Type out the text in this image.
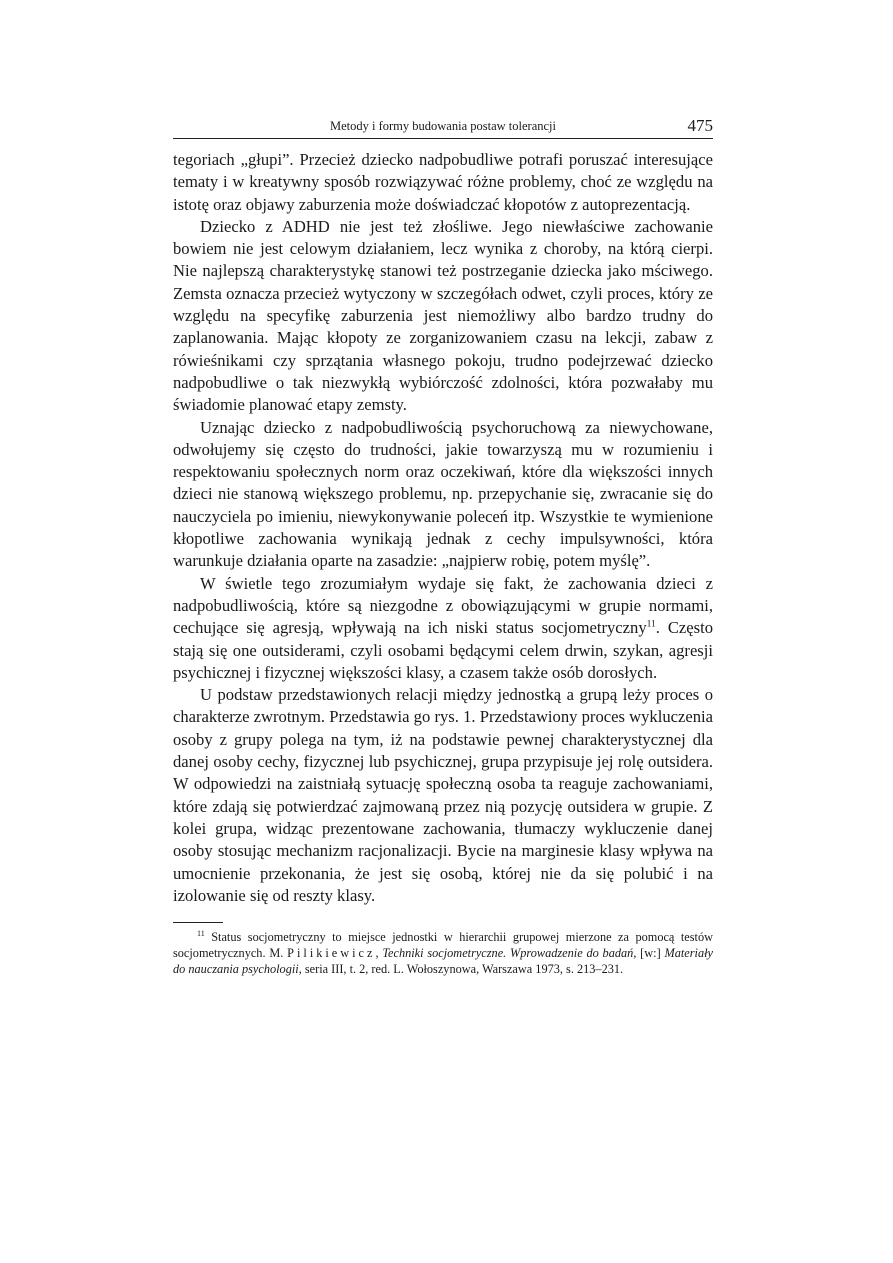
Metody i formy budowania postaw tolerancji	475

tegoriach „głupi”. Przecież dziecko nadpobudliwe potrafi poruszać interesujące tematy i w kreatywny sposób rozwiązywać różne problemy, choć ze względu na istotę oraz objawy zaburzenia może doświadczać kłopotów z autoprezentacją.

Dziecko z ADHD nie jest też złośliwe. Jego niewłaściwe zachowanie bowiem nie jest celowym działaniem, lecz wynika z choroby, na którą cierpi. Nie najlepszą charakterystykę stanowi też postrzeganie dziecka jako mściwego. Zemsta oznacza przecież wytyczony w szczegółach odwet, czyli proces, który ze względu na specyfikę zaburzenia jest niemożliwy albo bardzo trudny do zaplanowania. Mając kłopoty ze zorganizowaniem czasu na lekcji, zabaw z rówieśnikami czy sprzątania własnego pokoju, trudno podejrzewać dziecko nadpobudliwe o tak niezwykłą wybiórczość zdolności, która pozwałaby mu świadomie planować etapy zemsty.

Uznając dziecko z nadpobudliwością psychoruchową za niewychowane, odwołujemy się często do trudności, jakie towarzyszą mu w rozumieniu i respektowaniu społecznych norm oraz oczekiwań, które dla większości innych dzieci nie stanową większego problemu, np. przepychanie się, zwracanie się do nauczyciela po imieniu, niewykonywanie poleceń itp. Wszystkie te wymienione kłopotliwe zachowania wynikają jednak z cechy impulsywności, która warunkuje działania oparte na zasadzie: „najpierw robię, potem myślę”.

W świetle tego zrozumiałym wydaje się fakt, że zachowania dzieci z nadpobudliwością, które są niezgodne z obowiązującymi w grupie normami, cechujące się agresją, wpływają na ich niski status socjometryczny$^{11}$. Często stają się one outsiderami, czyli osobami będącymi celem drwin, szykan, agresji psychicznej i fizycznej większości klasy, a czasem także osób dorosłych.

U podstaw przedstawionych relacji między jednostką a grupą leży proces o charakterze zwrotnym. Przedstawia go rys. 1. Przedstawiony proces wykluczenia osoby z grupy polega na tym, iż na podstawie pewnej charakterystycznej dla danej osoby cechy, fizycznej lub psychicznej, grupa przypisuje jej rolę outsidera. W odpowiedzi na zaistniałą sytuację społeczną osoba ta reaguje zachowaniami, które zdają się potwierdzać zajmowaną przez nią pozycję outsidera w grupie. Z kolei grupa, widząc prezentowane zachowania, tłumaczy wykluczenie danej osoby stosując mechanizm racjonalizacji. Bycie na marginesie klasy wpływa na umocnienie przekonania, że jest się osobą, której nie da się polubić i na izolowanie się od reszty klasy.

$^{11}$ Status socjometryczny to miejsce jednostki w hierarchii grupowej mierzone za pomocą testów socjometrycznych. M. Pilikiewicz, Techniki socjometryczne. Wprowadzenie do badań, [w:] Materiały do nauczania psychologii, seria III, t. 2, red. L. Wołoszynowa, Warszawa 1973, s. 213–231.
